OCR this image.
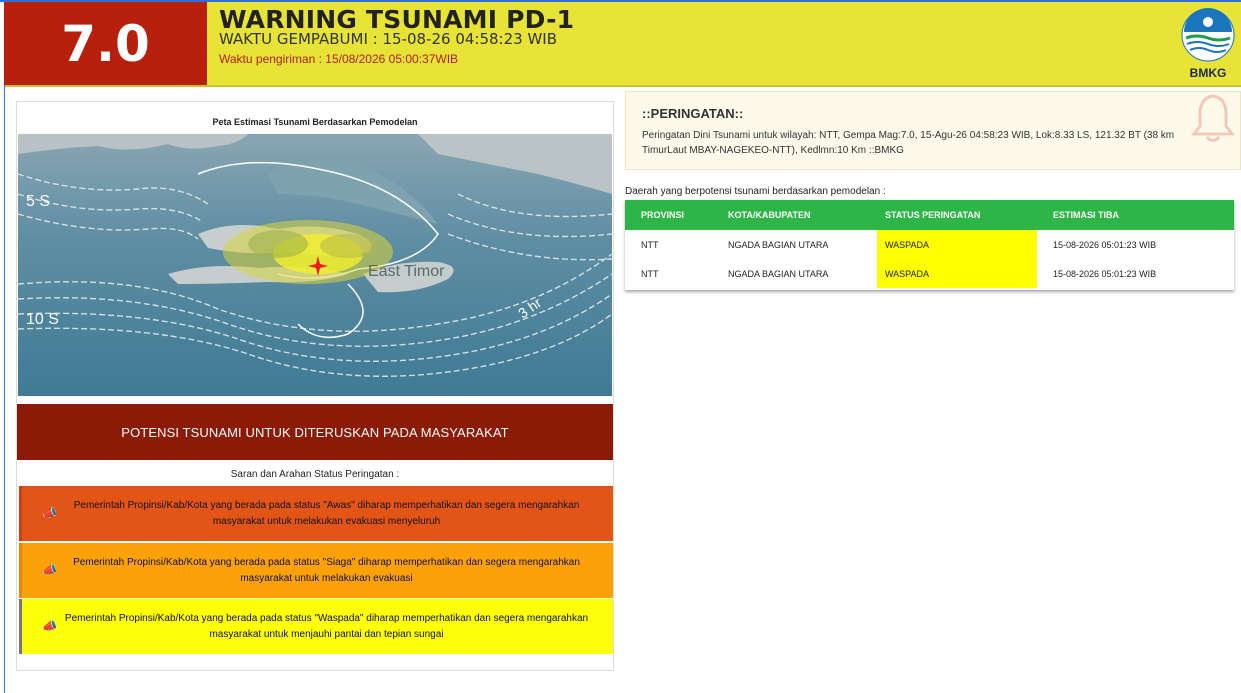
7.0	WARNING TSUNAMI PD-1
WAKTU GEMPABUMI : 15-08-26 04:58:23 WIB
Waktu pengiriman : 15/08/2026 05:00:37WIB
BMKG
Peta Estimasi Tsunami Berdasarkan Pemodelan
5 S
10 S
East Timor
3 hr
POTENSI TSUNAMI UNTUK DITERUSKAN PADA MASYARAKAT
Saran dan Arahan Status Peringatan :
📣
Pemerintah Propinsi/Kab/Kota yang berada pada status "Awas" diharap memperhatikan dan segera mengarahkan masyarakat untuk melakukan evakuasi menyeluruh
📣
Pemerintah Propinsi/Kab/Kota yang berada pada status "Siaga" diharap memperhatikan dan segera mengarahkan masyarakat untuk melakukan evakuasi
📣
Pemerintah Propinsi/Kab/Kota yang berada pada status "Waspada" diharap memperhatikan dan segera mengarahkan masyarakat untuk menjauhi pantai dan tepian sungai
::PERINGATAN::
Peringatan Dini Tsunami untuk wilayah: NTT, Gempa Mag:7.0, 15-Agu-26 04:58:23 WIB, Lok:8.33 LS, 121.32 BT (38 km TimurLaut MBAY-NAGEKEO-NTT), Kedlmn:10 Km ::BMKG
Daerah yang berpotensi tsunami berdasarkan pemodelan :
PROVINSI	KOTA/KABUPATEN	STATUS PERINGATAN	ESTIMASI TIBA
NTT	NGADA BAGIAN UTARA	WASPADA	15-08-2026 05:01:23 WIB
NTT	NGADA BAGIAN UTARA	WASPADA	15-08-2026 05:01:23 WIB
